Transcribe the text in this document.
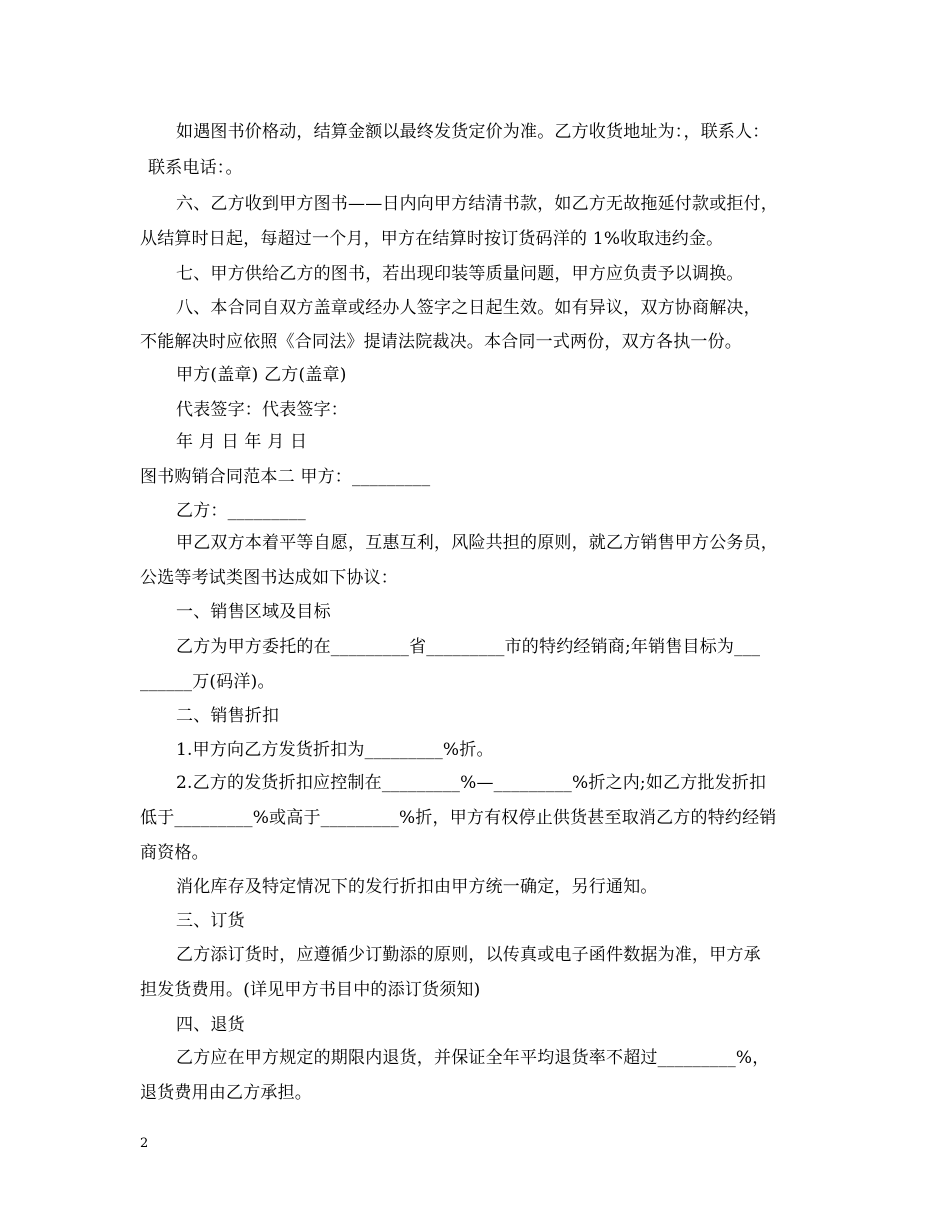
如遇图书价格动，结算金额以最终发货定价为准。乙方收货地址为：，联系人：
联系电话：。
六、乙方收到甲方图书——日内向甲方结清书款，如乙方无故拖延付款或拒付，
从结算时日起，每超过一个月，甲方在结算时按订货码洋的 1%收取违约金。
七、甲方供给乙方的图书，若出现印装等质量问题，甲方应负责予以调换。
八、本合同自双方盖章或经办人签字之日起生效。如有异议，双方协商解决，
不能解决时应依照《合同法》提请法院裁决。本合同一式两份，双方各执一份。
甲方(盖章) 乙方(盖章)
代表签字：代表签字：
年 月 日 年 月 日
图书购销合同范本二 甲方：_________
乙方：_________
甲乙双方本着平等自愿，互惠互利，风险共担的原则，就乙方销售甲方公务员，
公选等考试类图书达成如下协议：
一、销售区域及目标
乙方为甲方委托的在_________省_________市的特约经销商;年销售目标为___
______万(码洋)。
二、销售折扣
1.甲方向乙方发货折扣为_________%折。
2.乙方的发货折扣应控制在_________%—_________%折之内;如乙方批发折扣
低于_________%或高于_________%折，甲方有权停止供货甚至取消乙方的特约经销
商资格。
消化库存及特定情况下的发行折扣由甲方统一确定，另行通知。
三、订货
乙方添订货时，应遵循少订勤添的原则，以传真或电子函件数据为准，甲方承
担发货费用。(详见甲方书目中的添订货须知)
四、退货
乙方应在甲方规定的期限内退货，并保证全年平均退货率不超过_________%，
退货费用由乙方承担。
2
